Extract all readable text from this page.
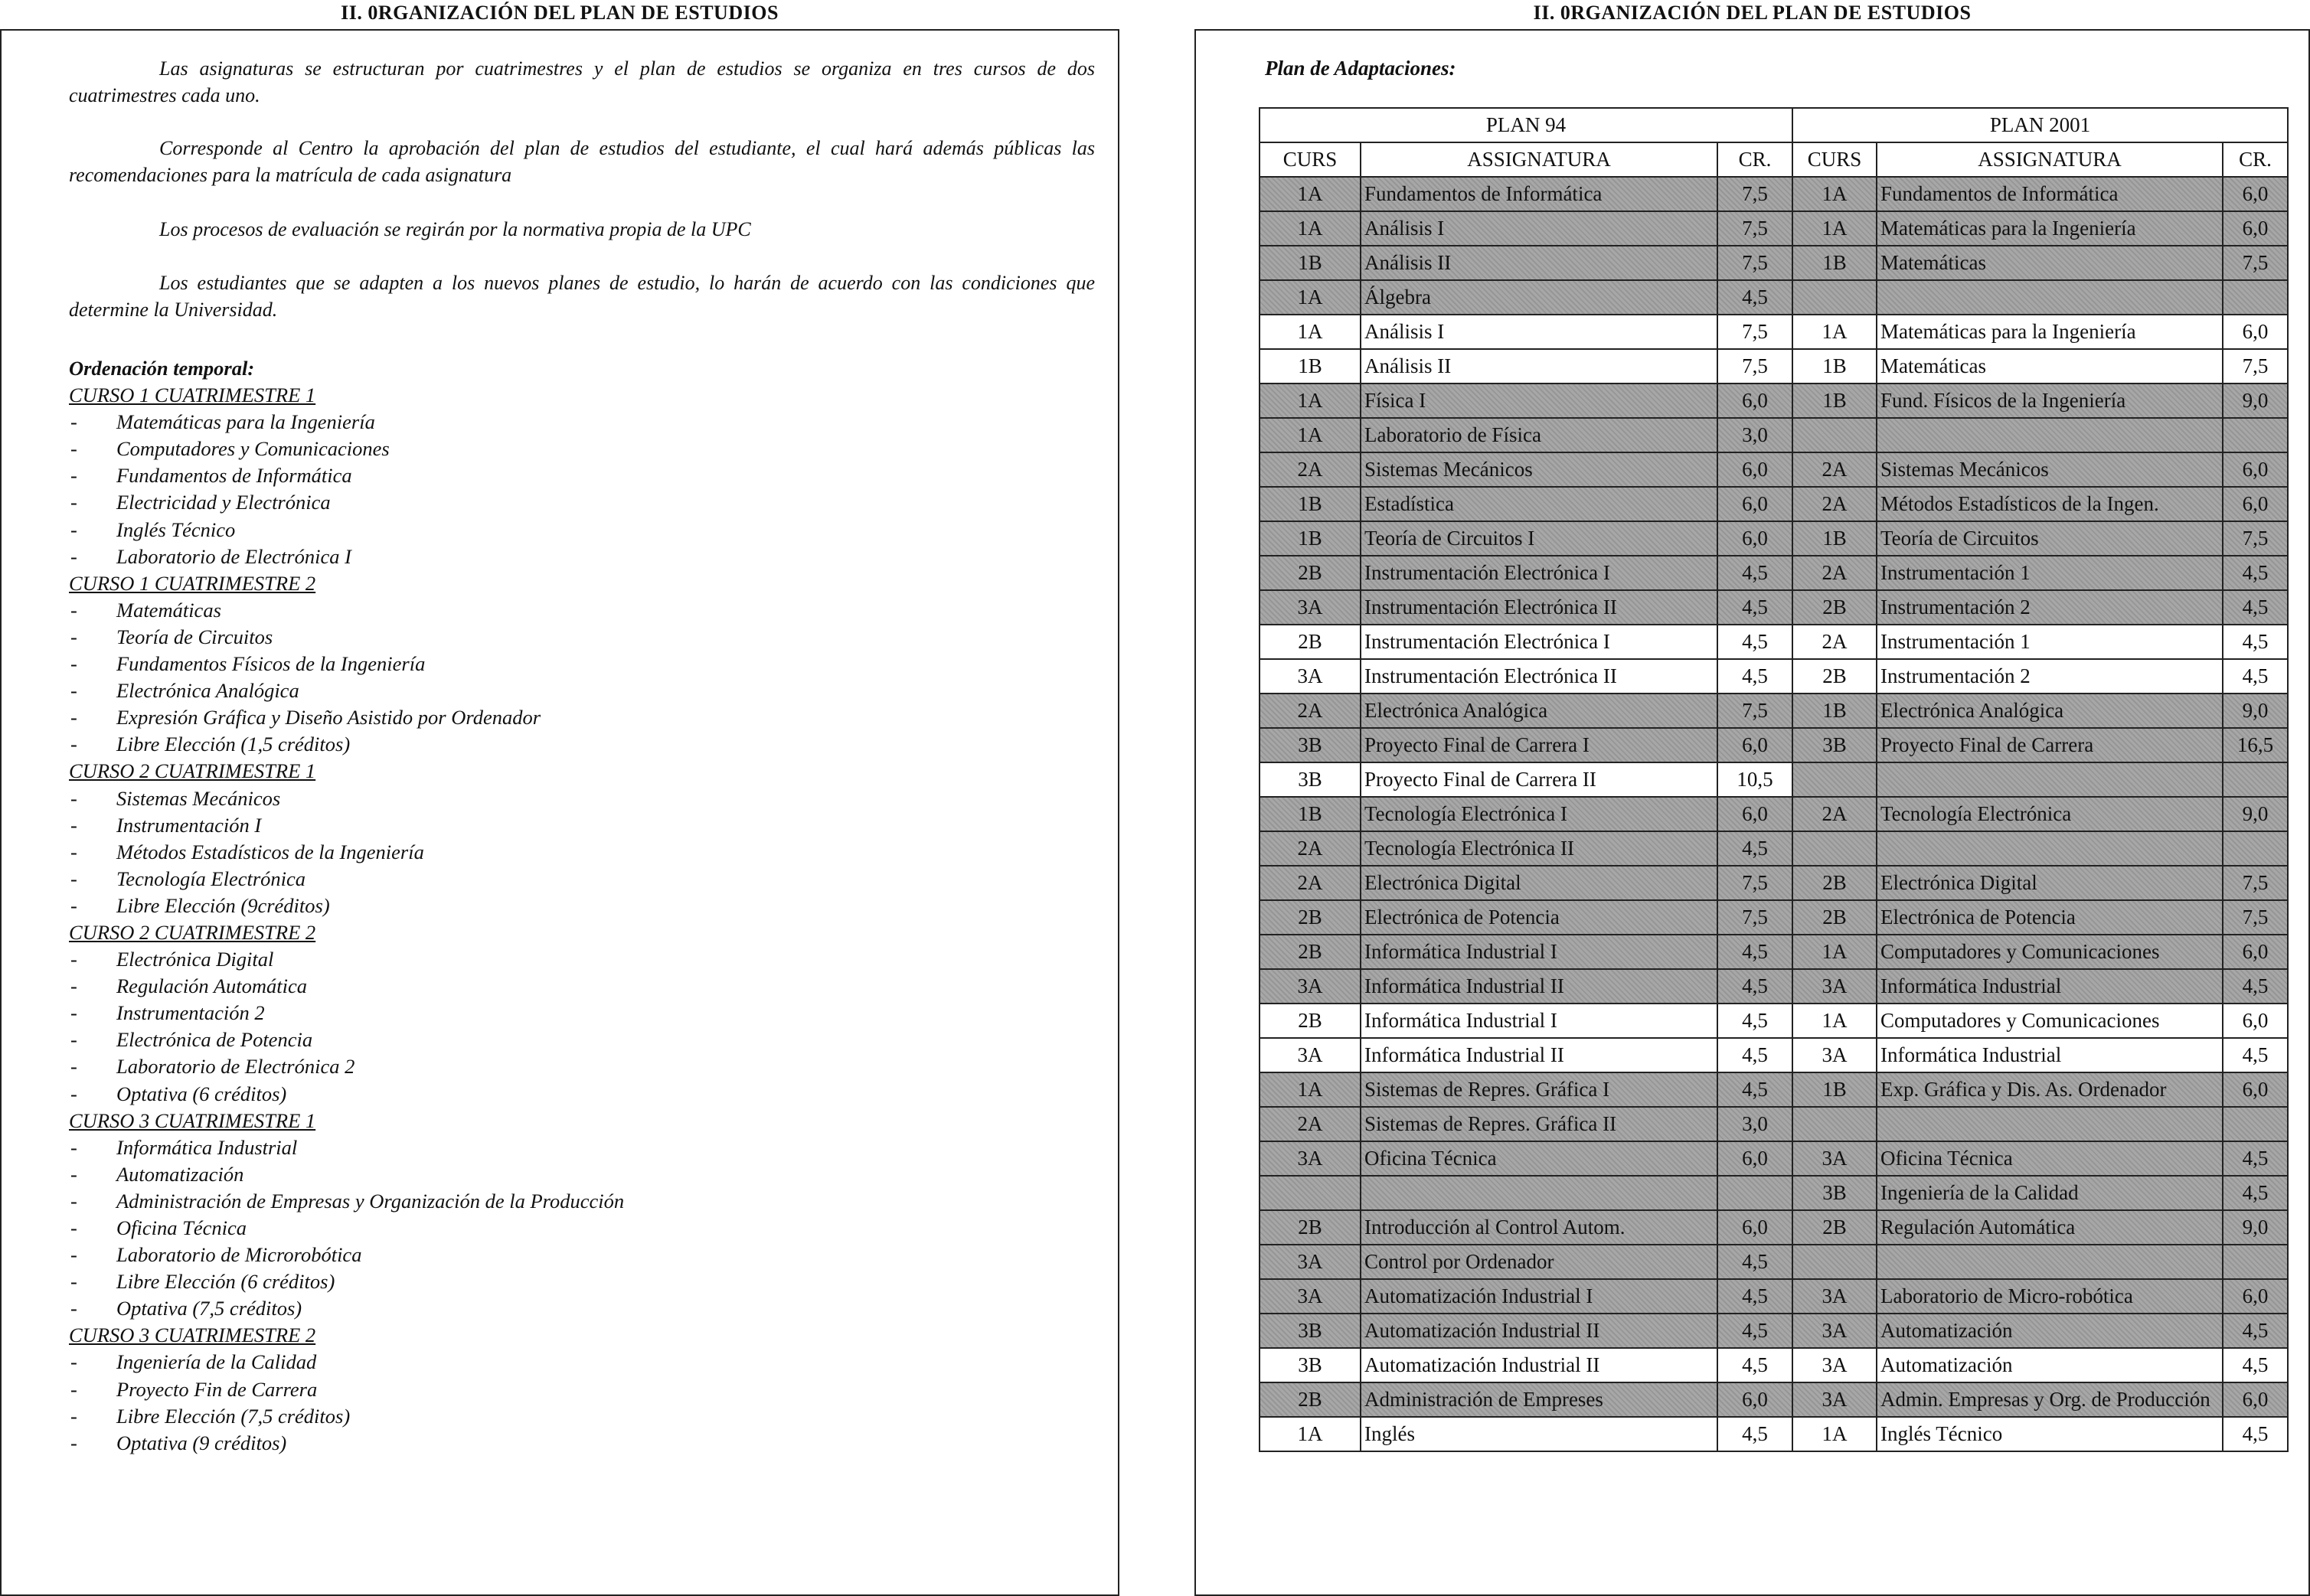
II. 0RGANIZACIÓN DEL PLAN DE ESTUDIOS	II. 0RGANIZACIÓN DEL PLAN DE ESTUDIOS

Las asignaturas se estructuran por cuatrimestres y el plan de estudios se organiza en tres cursos de dos cuatrimestres cada uno.

Corresponde al Centro la aprobación del plan de estudios del estudiante, el cual hará además públicas las recomendaciones para la matrícula de cada asignatura

Los procesos de evaluación se regirán por la normativa propia de la UPC

Los estudiantes que se adapten a los nuevos planes de estudio, lo harán de acuerdo con las condiciones que determine la Universidad.

Ordenación temporal:
CURSO 1 CUATRIMESTRE 1
- Matemáticas para la Ingeniería
- Computadores y Comunicaciones
- Fundamentos de Informática
- Electricidad y Electrónica
- Inglés Técnico
- Laboratorio de Electrónica I
CURSO 1 CUATRIMESTRE 2
- Matemáticas
- Teoría de Circuitos
- Fundamentos Físicos de la Ingeniería
- Electrónica Analógica
- Expresión Gráfica y Diseño Asistido por Ordenador
- Libre Elección (1,5 créditos)
CURSO 2 CUATRIMESTRE 1
- Sistemas Mecánicos
- Instrumentación I
- Métodos Estadísticos de la Ingeniería
- Tecnología Electrónica
- Libre Elección (9créditos)
CURSO 2 CUATRIMESTRE 2
- Electrónica Digital
- Regulación Automática
- Instrumentación 2
- Electrónica de Potencia
- Laboratorio de Electrónica 2
- Optativa (6 créditos)
CURSO 3 CUATRIMESTRE 1
- Informática Industrial
- Automatización
- Administración de Empresas y Organización de la Producción
- Oficina Técnica
- Laboratorio de Microrobótica
- Libre Elección (6 créditos)
- Optativa (7,5 créditos)
CURSO 3 CUATRIMESTRE 2
- Ingeniería de la Calidad
- Proyecto Fin de Carrera
- Libre Elección (7,5 créditos)
- Optativa (9 créditos)
Plan de Adaptaciones:
PLAN 94			PLAN 2001		
CURS	ASSIGNATURA	CR.	CURS	ASSIGNATURA	CR.
1A	Fundamentos de Informática	7,5	1A	Fundamentos de Informática	6,0
1A	Análisis I	7,5	1A	Matemáticas para la Ingeniería	6,0
1B	Análisis II	7,5	1B	Matemáticas	7,5
1A	Álgebra	4,5			
1A	Análisis I	7,5	1A	Matemáticas para la Ingeniería	6,0
1B	Análisis II	7,5	1B	Matemáticas	7,5
1A	Física I	6,0	1B	Fund. Físicos de la Ingeniería	9,0
1A	Laboratorio de Física	3,0			
2A	Sistemas Mecánicos	6,0	2A	Sistemas Mecánicos	6,0
1B	Estadística	6,0	2A	Métodos Estadísticos de la Ingen.	6,0
1B	Teoría de Circuitos I	6,0	1B	Teoría de Circuitos	7,5
2B	Instrumentación Electrónica I	4,5	2A	Instrumentación 1	4,5
3A	Instrumentación Electrónica II	4,5	2B	Instrumentación 2	4,5
2B	Instrumentación Electrónica I	4,5	2A	Instrumentación 1	4,5
3A	Instrumentación Electrónica II	4,5	2B	Instrumentación 2	4,5
2A	Electrónica Analógica	7,5	1B	Electrónica Analógica	9,0
3B	Proyecto Final de Carrera I	6,0	3B	Proyecto Final de Carrera	16,5
3B	Proyecto Final de Carrera II	10,5			
1B	Tecnología Electrónica I	6,0	2A	Tecnología Electrónica	9,0
2A	Tecnología Electrónica II	4,5			
2A	Electrónica Digital	7,5	2B	Electrónica Digital	7,5
2B	Electrónica de Potencia	7,5	2B	Electrónica de Potencia	7,5
2B	Informática Industrial I	4,5	1A	Computadores y Comunicaciones	6,0
3A	Informática Industrial II	4,5	3A	Informática Industrial	4,5
2B	Informática Industrial I	4,5	1A	Computadores y Comunicaciones	6,0
3A	Informática Industrial II	4,5	3A	Informática Industrial	4,5
1A	Sistemas de Repres. Gráfica I	4,5	1B	Exp. Gráfica y Dis. As. Ordenador	6,0
2A	Sistemas de Repres. Gráfica II	3,0			
3A	Oficina Técnica	6,0	3A	Oficina Técnica	4,5
			3B	Ingeniería de la Calidad	4,5
2B	Introducción al Control Autom.	6,0	2B	Regulación Automática	9,0
3A	Control por Ordenador	4,5			
3A	Automatización Industrial I	4,5	3A	Laboratorio de Micro-robótica	6,0
3B	Automatización Industrial II	4,5	3A	Automatización	4,5
3B	Automatización Industrial II	4,5	3A	Automatización	4,5
2B	Administración de Empreses	6,0	3A	Admin. Empresas y Org. de Producción	6,0
1A	Inglés	4,5	1A	Inglés Técnico	4,5
